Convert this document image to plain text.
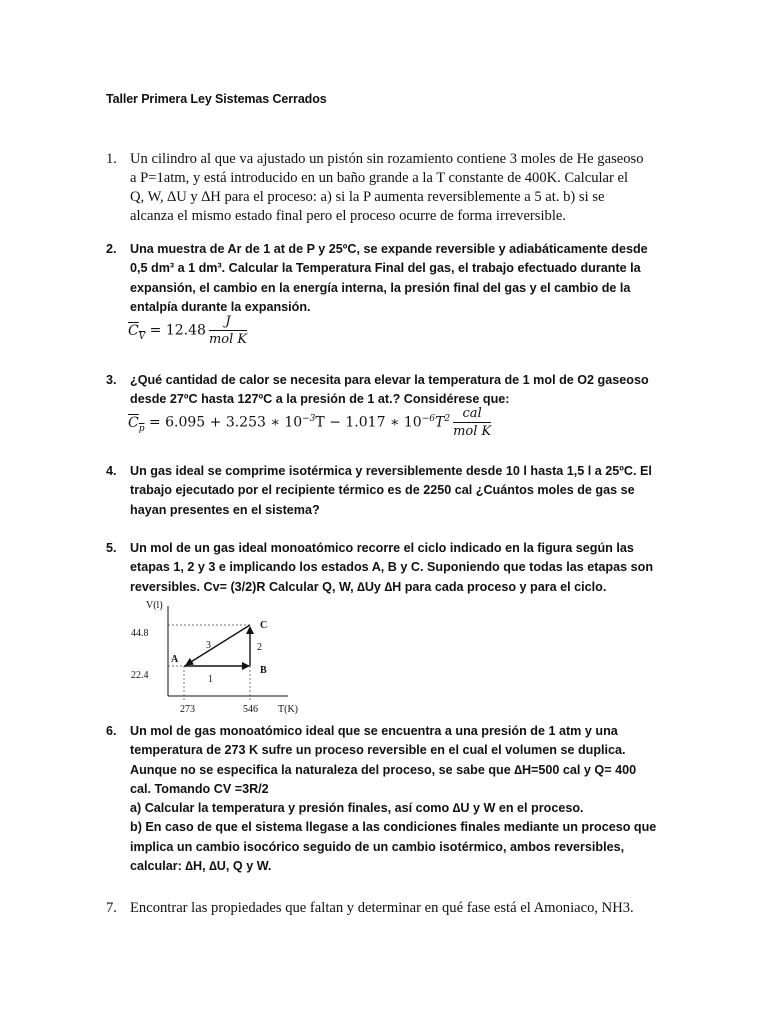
Taller Primera Ley Sistemas Cerrados
1. Un cilindro al que va ajustado un pistón sin rozamiento contiene 3 moles de He gaseoso
a P=1atm, y está introducido en un baño grande a la T constante de 400K. Calcular el
Q, W, ∆U y ∆H para el proceso: a) si la P aumenta reversiblemente a 5 at. b) si se
alcanza el mismo estado final pero el proceso ocurre de forma irreversible.
2.	Una muestra de Ar de 1 at de P y 25ºC, se expande reversible y adiabáticamente desde
0,5 dm³ a 1 dm³. Calcular la Temperatura Final del gas, el trabajo efectuado durante la
expansión, el cambio en la energía interna, la presión final del gas y el cambio de la
entalpía durante la expansión.
$C_V = 12.48 \frac{J}{\text{mol K}}$
3.	¿Qué cantidad de calor se necesita para elevar la temperatura de 1 mol de O2 gaseoso
desde 27ºC hasta 127ºC a la presión de 1 at.? Considérese que:
$C_p = 6.095 + 3.253$ ∗ $10^{-3}T - 1.017$ ∗ $10^{-6}T^2 \frac{\text{cal}}{\text{mol K}}$
4.	Un gas ideal se comprime isotérmica y reversiblemente desde 10 l hasta 1,5 l a 25ºC. El
trabajo ejecutado por el recipiente térmico es de 2250 cal ¿Cuántos moles de gas se
hayan presentes en el sistema?
5.	Un mol de un gas ideal monoatómico recorre el ciclo indicado en la figura según las
etapas 1, 2 y 3 e implicando los estados A, B y C. Suponiendo que todas las etapas son
reversibles. Cv= (3/2)R Calcular Q, W, ∆Uy ∆H para cada proceso y para el ciclo.
V(l)
T(K)
44.8
22.4
273	546
A
B
C
1
2
3
6.	Un mol de gas monoatómico ideal que se encuentra a una presión de 1 atm y una
temperatura de 273 K sufre un proceso reversible en el cual el volumen se duplica.
Aunque no se especifica la naturaleza del proceso, se sabe que ∆H=500 cal y Q= 400
cal. Tomando CV =3R/2
a) Calcular la temperatura y presión finales, así como ∆U y W en el proceso.
b) En caso de que el sistema llegase a las condiciones finales mediante un proceso que
implica un cambio isocórico seguido de un cambio isotérmico, ambos reversibles,
calcular: ∆H, ∆U, Q y W.
7. Encontrar las propiedades que faltan y determinar en qué fase está el Amoniaco, NH3.
